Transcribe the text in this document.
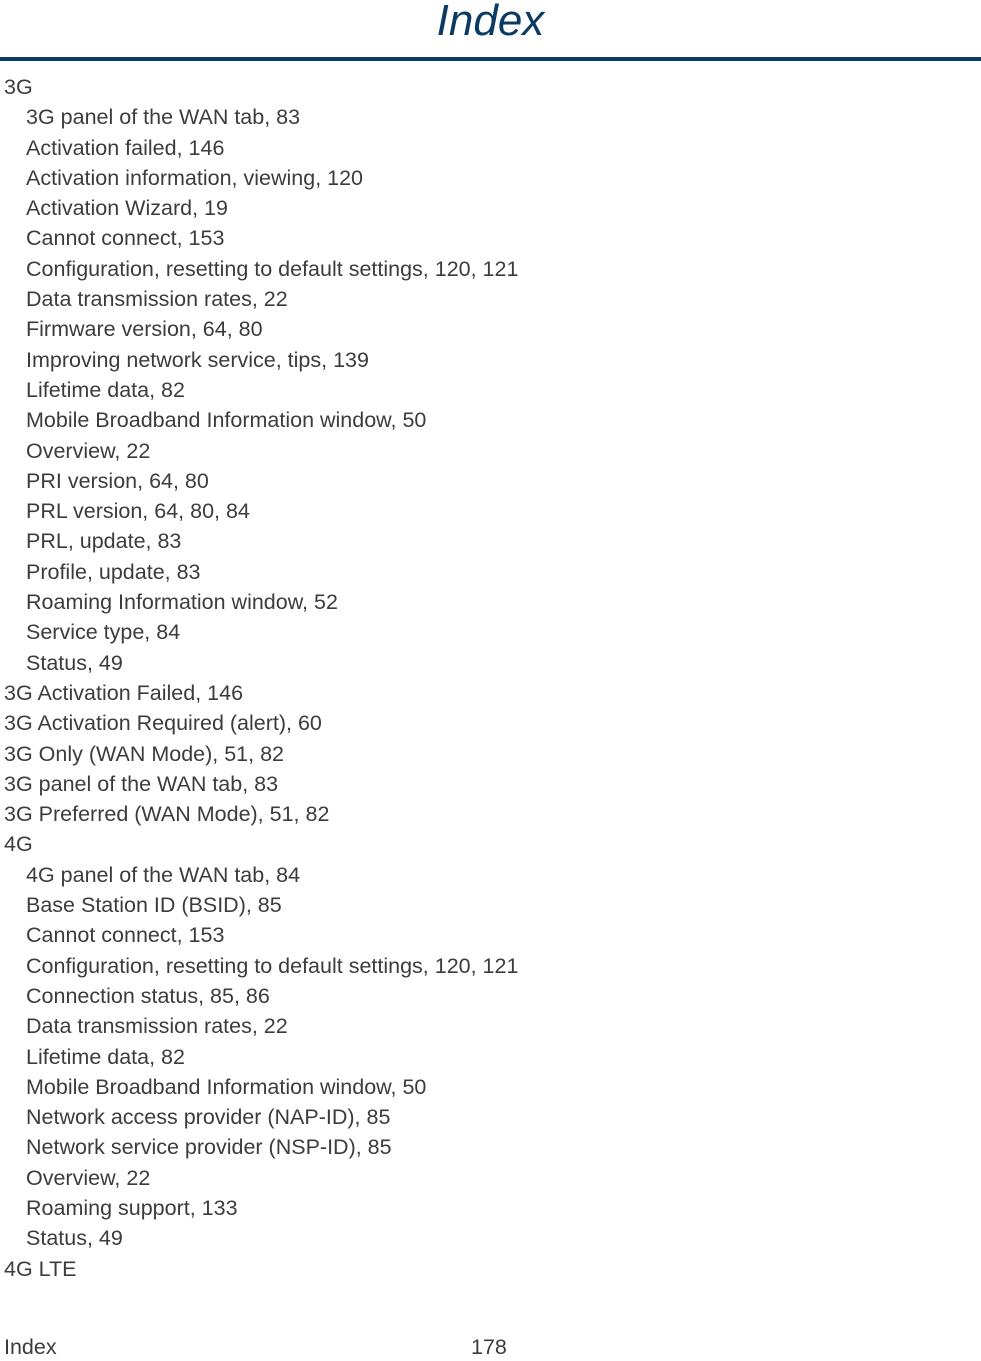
Index
3G
3G panel of the WAN tab, 83
Activation failed, 146
Activation information, viewing, 120
Activation Wizard, 19
Cannot connect, 153
Configuration, resetting to default settings, 120, 121
Data transmission rates, 22
Firmware version, 64, 80
Improving network service, tips, 139
Lifetime data, 82
Mobile Broadband Information window, 50
Overview, 22
PRI version, 64, 80
PRL version, 64, 80, 84
PRL, update, 83
Profile, update, 83
Roaming Information window, 52
Service type, 84
Status, 49
3G Activation Failed, 146
3G Activation Required (alert), 60
3G Only (WAN Mode), 51, 82
3G panel of the WAN tab, 83
3G Preferred (WAN Mode), 51, 82
4G
4G panel of the WAN tab, 84
Base Station ID (BSID), 85
Cannot connect, 153
Configuration, resetting to default settings, 120, 121
Connection status, 85, 86
Data transmission rates, 22
Lifetime data, 82
Mobile Broadband Information window, 50
Network access provider (NAP-ID), 85
Network service provider (NSP-ID), 85
Overview, 22
Roaming support, 133
Status, 49
4G LTE
Index	178
